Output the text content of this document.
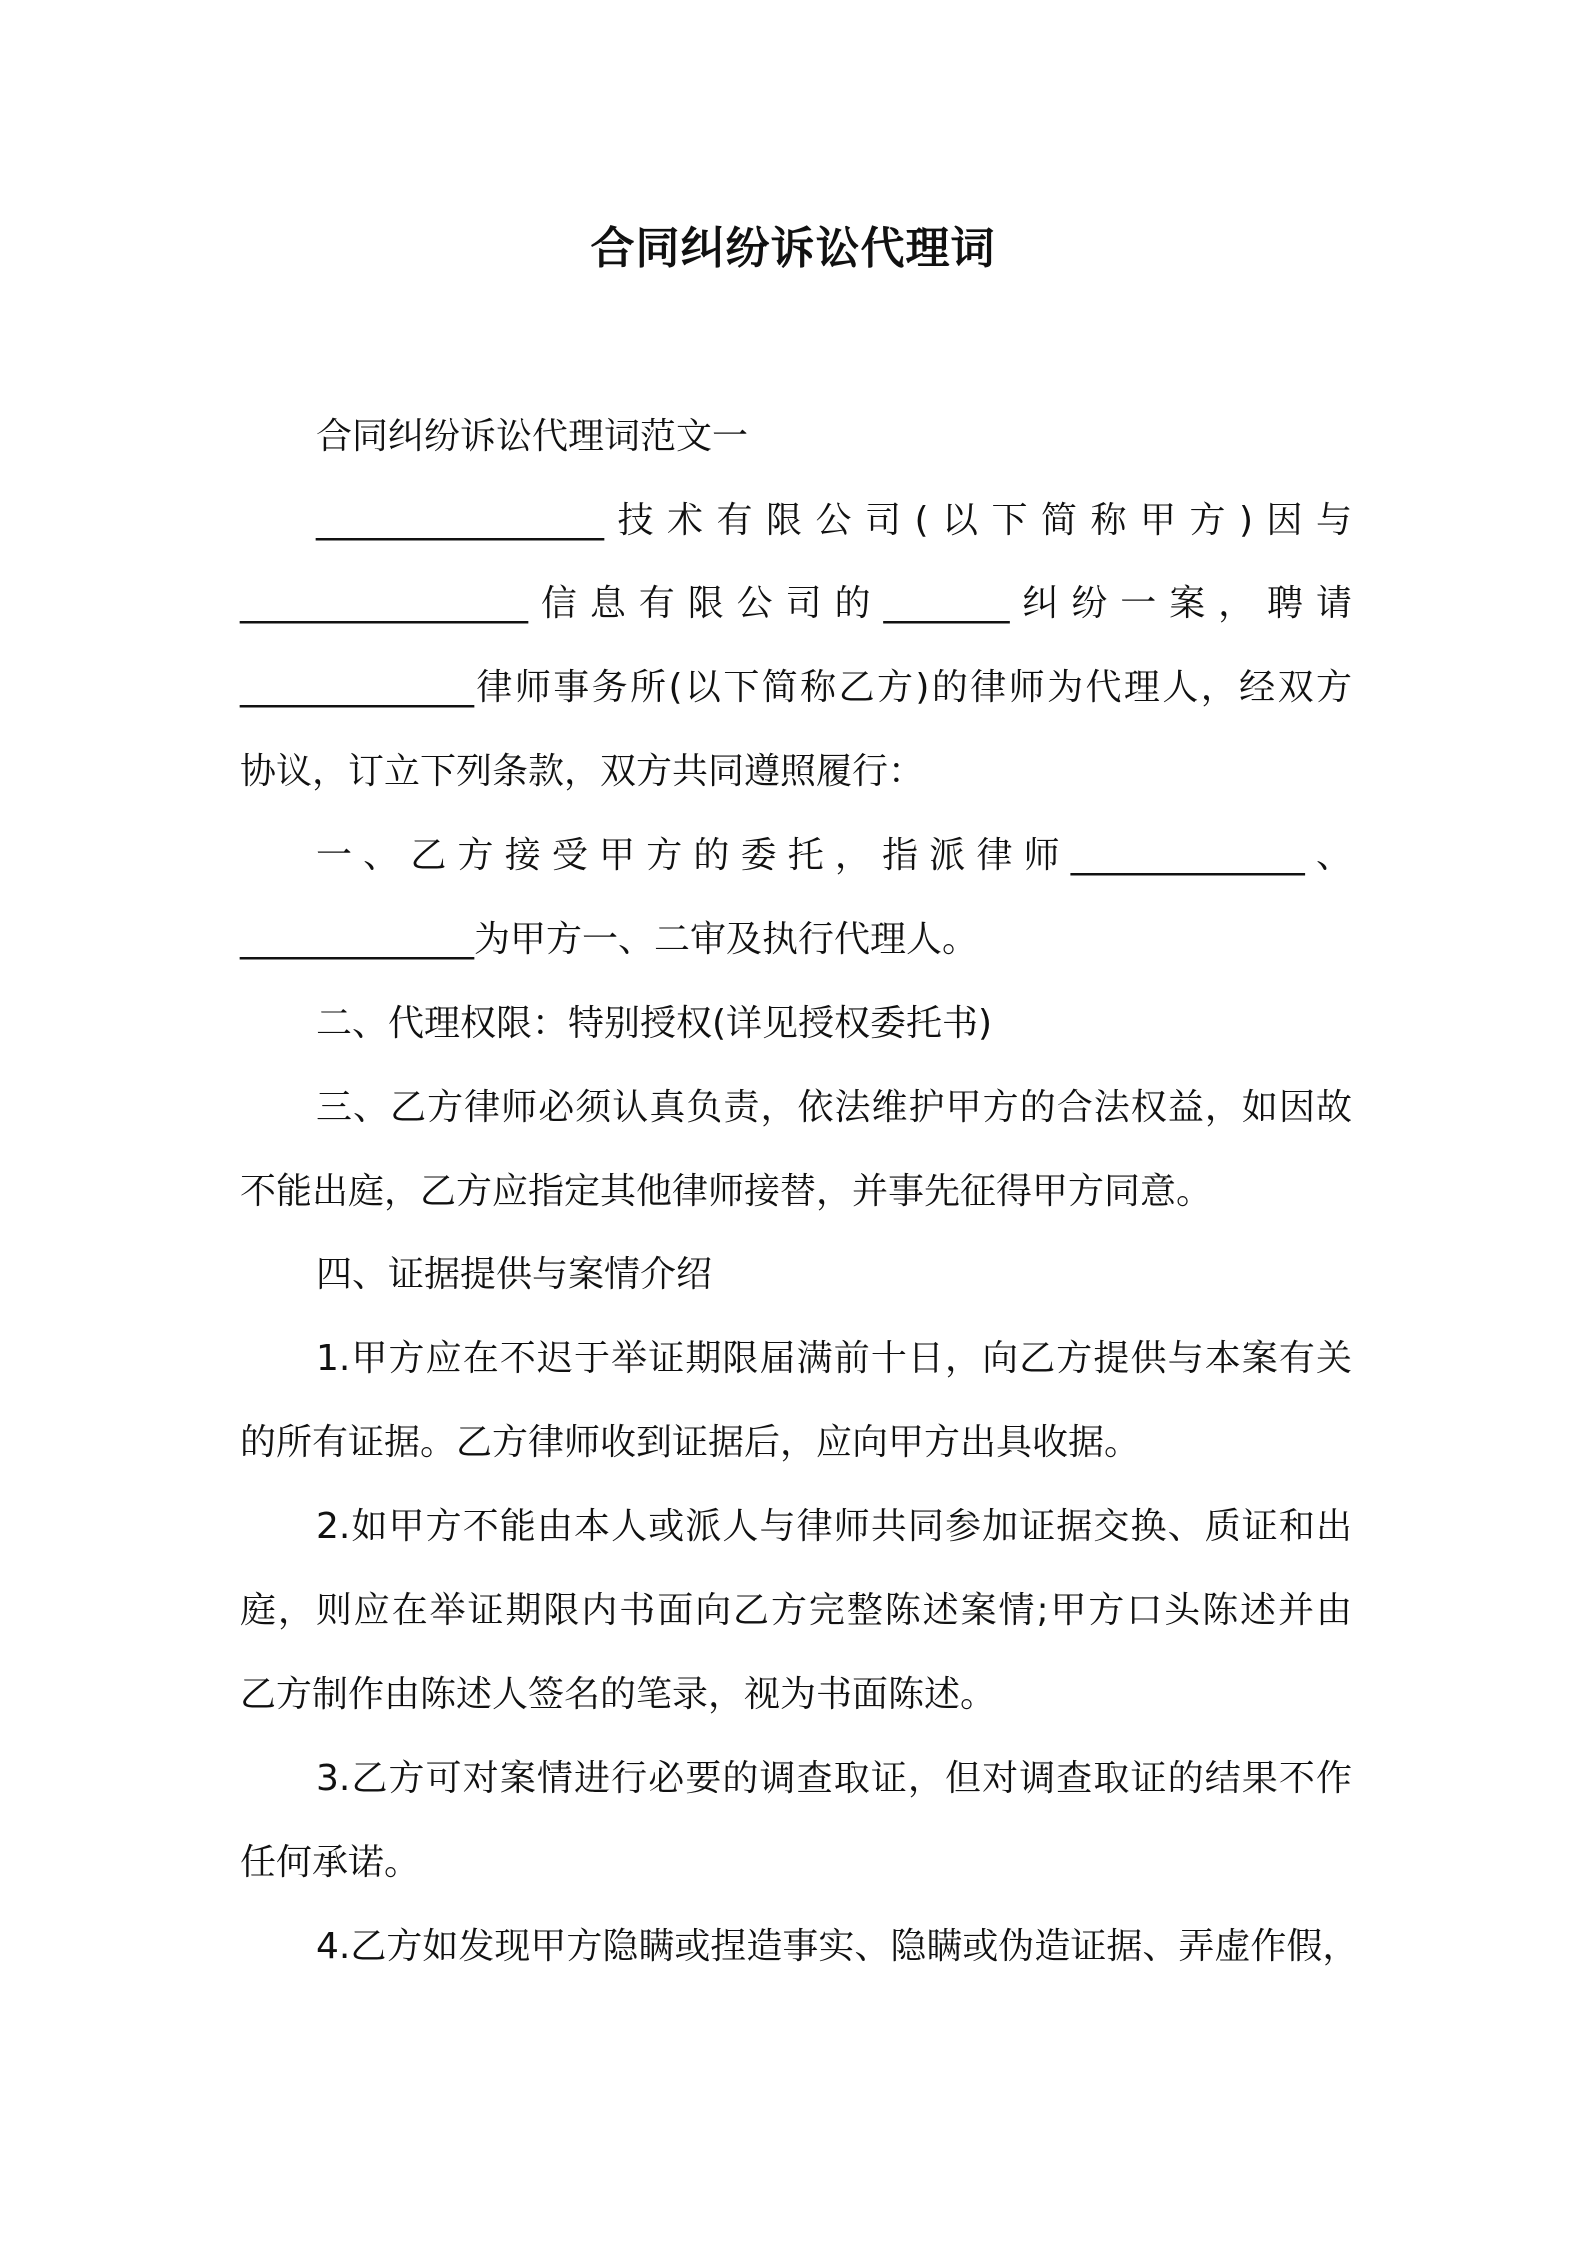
合同纠纷诉讼代理词

合同纠纷诉讼代理词范文一

________________技术有限公司(以下简称甲方)因与

________________信息有限公司的_______纠纷一案，聘请

_____________律师事务所(以下简称乙方)的律师为代理人，经双方

协议，订立下列条款，双方共同遵照履行：

一、乙方接受甲方的委托，指派律师_____________、

_____________为甲方一、二审及执行代理人。

二、代理权限：特别授权(详见授权委托书)

三、乙方律师必须认真负责，依法维护甲方的合法权益，如因故

不能出庭，乙方应指定其他律师接替，并事先征得甲方同意。

四、证据提供与案情介绍

1.甲方应在不迟于举证期限届满前十日，向乙方提供与本案有关

的所有证据。乙方律师收到证据后，应向甲方出具收据。

2.如甲方不能由本人或派人与律师共同参加证据交换、质证和出

庭，则应在举证期限内书面向乙方完整陈述案情;甲方口头陈述并由

乙方制作由陈述人签名的笔录，视为书面陈述。

3.乙方可对案情进行必要的调查取证，但对调查取证的结果不作

任何承诺。

4.乙方如发现甲方隐瞒或捏造事实、隐瞒或伪造证据、弄虚作假，
